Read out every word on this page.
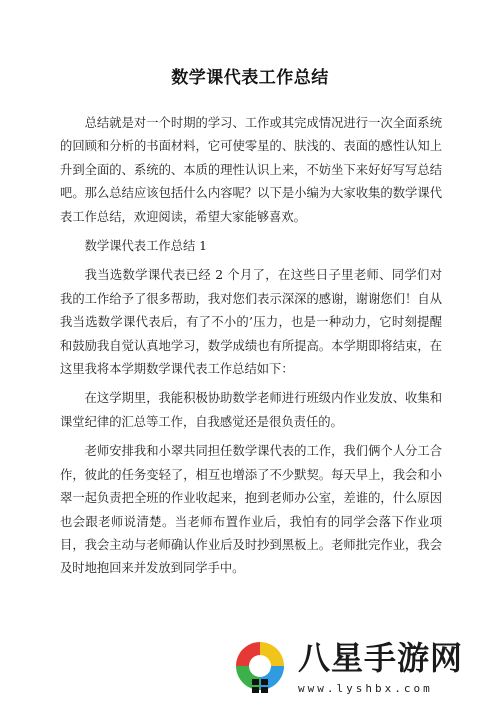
数学课代表工作总结

总结就是对一个时期的学习、工作或其完成情况进行一次全面系统的回顾和分析的书面材料，它可使零星的、肤浅的、表面的感性认知上升到全面的、系统的、本质的理性认识上来，不妨坐下来好好写写总结吧。那么总结应该包括什么内容呢？以下是小编为大家收集的数学课代表工作总结，欢迎阅读，希望大家能够喜欢。

数学课代表工作总结 1

我当选数学课代表已经 2 个月了，在这些日子里老师、同学们对我的工作给予了很多帮助，我对您们表示深深的感谢，谢谢您们！自从我当选数学课代表后，有了不小的’压力，也是一种动力，它时刻提醒和鼓励我自觉认真地学习，数学成绩也有所提高。本学期即将结束，在这里我将本学期数学课代表工作总结如下：

在这学期里，我能积极协助数学老师进行班级内作业发放、收集和课堂纪律的汇总等工作，自我感觉还是很负责任的。

老师安排我和小翠共同担任数学课代表的工作，我们俩个人分工合作，彼此的任务变轻了，相互也增添了不少默契。每天早上，我会和小翠一起负责把全班的作业收起来，抱到老师办公室，差谁的，什么原因也会跟老师说清楚。当老师布置作业后，我怕有的同学会落下作业项目，我会主动与老师确认作业后及时抄到黑板上。老师批完作业，我会及时地抱回来并发放到同学手中。

八星手游网
www.lyshbx.com
